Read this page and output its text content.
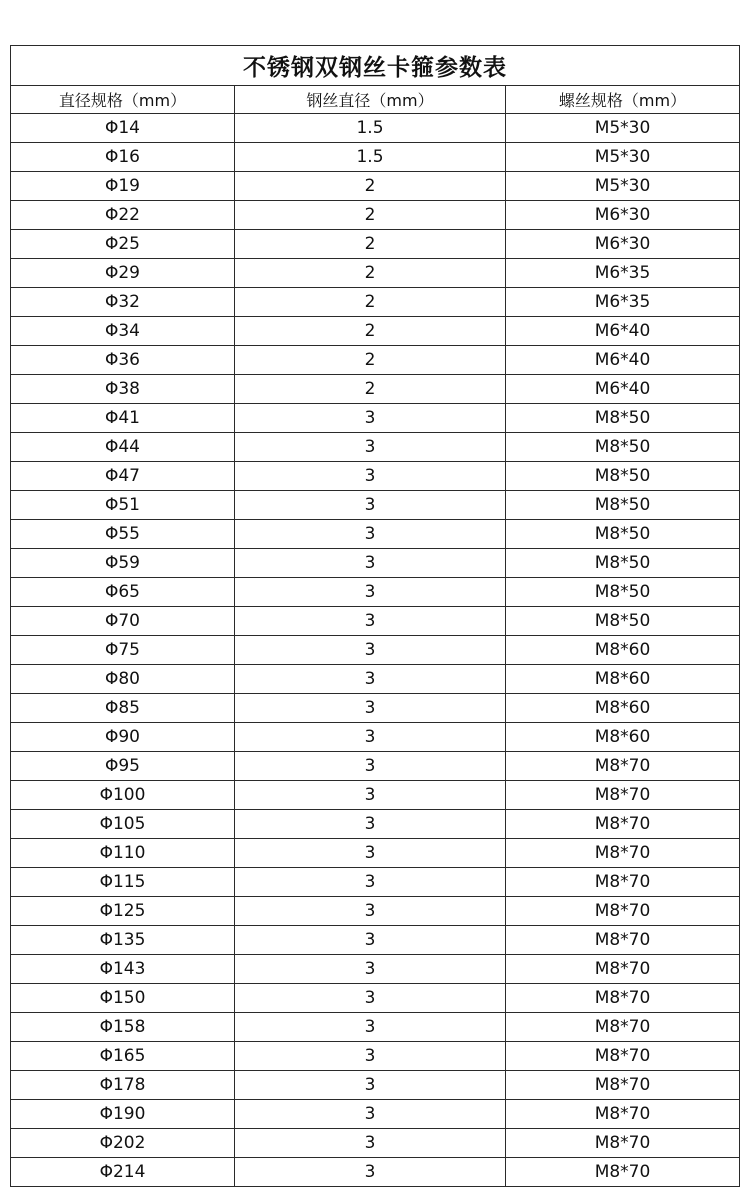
不锈钢双钢丝卡箍参数表		
直径规格（mm）	钢丝直径（mm）	螺丝规格（mm）
Φ14	1.5	M5*30
Φ16	1.5	M5*30
Φ19	2	M5*30
Φ22	2	M6*30
Φ25	2	M6*30
Φ29	2	M6*35
Φ32	2	M6*35
Φ34	2	M6*40
Φ36	2	M6*40
Φ38	2	M6*40
Φ41	3	M8*50
Φ44	3	M8*50
Φ47	3	M8*50
Φ51	3	M8*50
Φ55	3	M8*50
Φ59	3	M8*50
Φ65	3	M8*50
Φ70	3	M8*50
Φ75	3	M8*60
Φ80	3	M8*60
Φ85	3	M8*60
Φ90	3	M8*60
Φ95	3	M8*70
Φ100	3	M8*70
Φ105	3	M8*70
Φ110	3	M8*70
Φ115	3	M8*70
Φ125	3	M8*70
Φ135	3	M8*70
Φ143	3	M8*70
Φ150	3	M8*70
Φ158	3	M8*70
Φ165	3	M8*70
Φ178	3	M8*70
Φ190	3	M8*70
Φ202	3	M8*70
Φ214	3	M8*70
